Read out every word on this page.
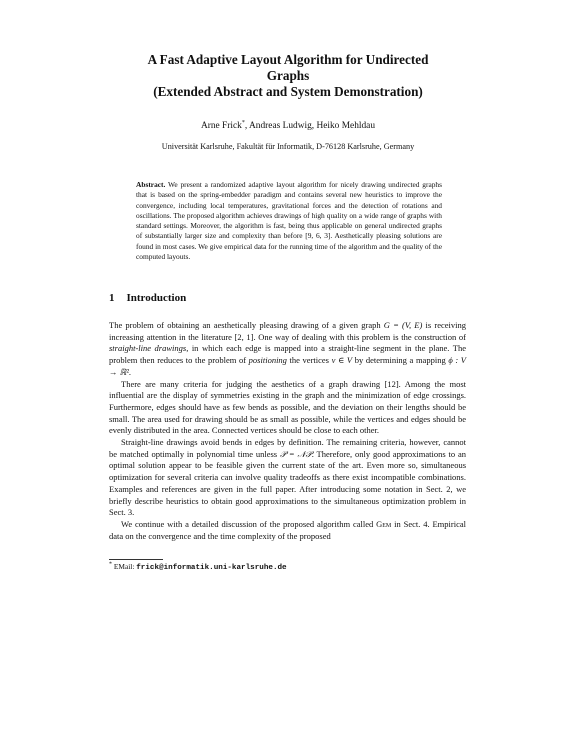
A Fast Adaptive Layout Algorithm for Undirected
Graphs
(Extended Abstract and System Demonstration)
Arne Frick*, Andreas Ludwig, Heiko Mehldau
Universität Karlsruhe, Fakultät für Informatik, D-76128 Karlsruhe, Germany
Abstract. We present a randomized adaptive layout algorithm for nicely drawing undirected graphs that is based on the spring-embedder paradigm and contains several new heuristics to improve the convergence, including local temperatures, gravitational forces and the detection of rotations and oscillations. The proposed algorithm achieves drawings of high quality on a wide range of graphs with standard settings. Moreover, the algorithm is fast, being thus applicable on general undirected graphs of substantially larger size and complexity than before [9, 6, 3]. Aesthetically pleasing solutions are found in most cases. We give empirical data for the running time of the algorithm and the quality of the computed layouts.
1 Introduction

The problem of obtaining an aesthetically pleasing drawing of a given graph G = (V, E) is receiving increasing attention in the literature [2, 1]. One way of dealing with this problem is the construction of straight-line drawings, in which each edge is mapped into a straight-line segment in the plane. The problem then reduces to the problem of positioning the vertices v ∈ V by determining a mapping ϕ : V → ℝ².

There are many criteria for judging the aesthetics of a graph drawing [12]. Among the most influential are the display of symmetries existing in the graph and the minimization of edge crossings. Furthermore, edges should have as few bends as possible, and the deviation on their lengths should be small. The area used for drawing should be as small as possible, while the vertices and edges should be evenly distributed in the area. Connected vertices should be close to each other.

Straight-line drawings avoid bends in edges by definition. The remaining criteria, however, cannot be matched optimally in polynomial time unless 𝒫 = 𝒩𝒫. Therefore, only good approximations to an optimal solution appear to be feasible given the current state of the art. Even more so, simultaneous optimization for several criteria can involve quality tradeoffs as there exist incompatible combinations. Examples and references are given in the full paper. After introducing some notation in Sect. 2, we briefly describe heuristics to obtain good approximations to the simultaneous optimization problem in Sect. 3.

We continue with a detailed discussion of the proposed algorithm called Gem in Sect. 4. Empirical data on the convergence and the time complexity of the proposed

* EMail: frick@informatik.uni-karlsruhe.de
